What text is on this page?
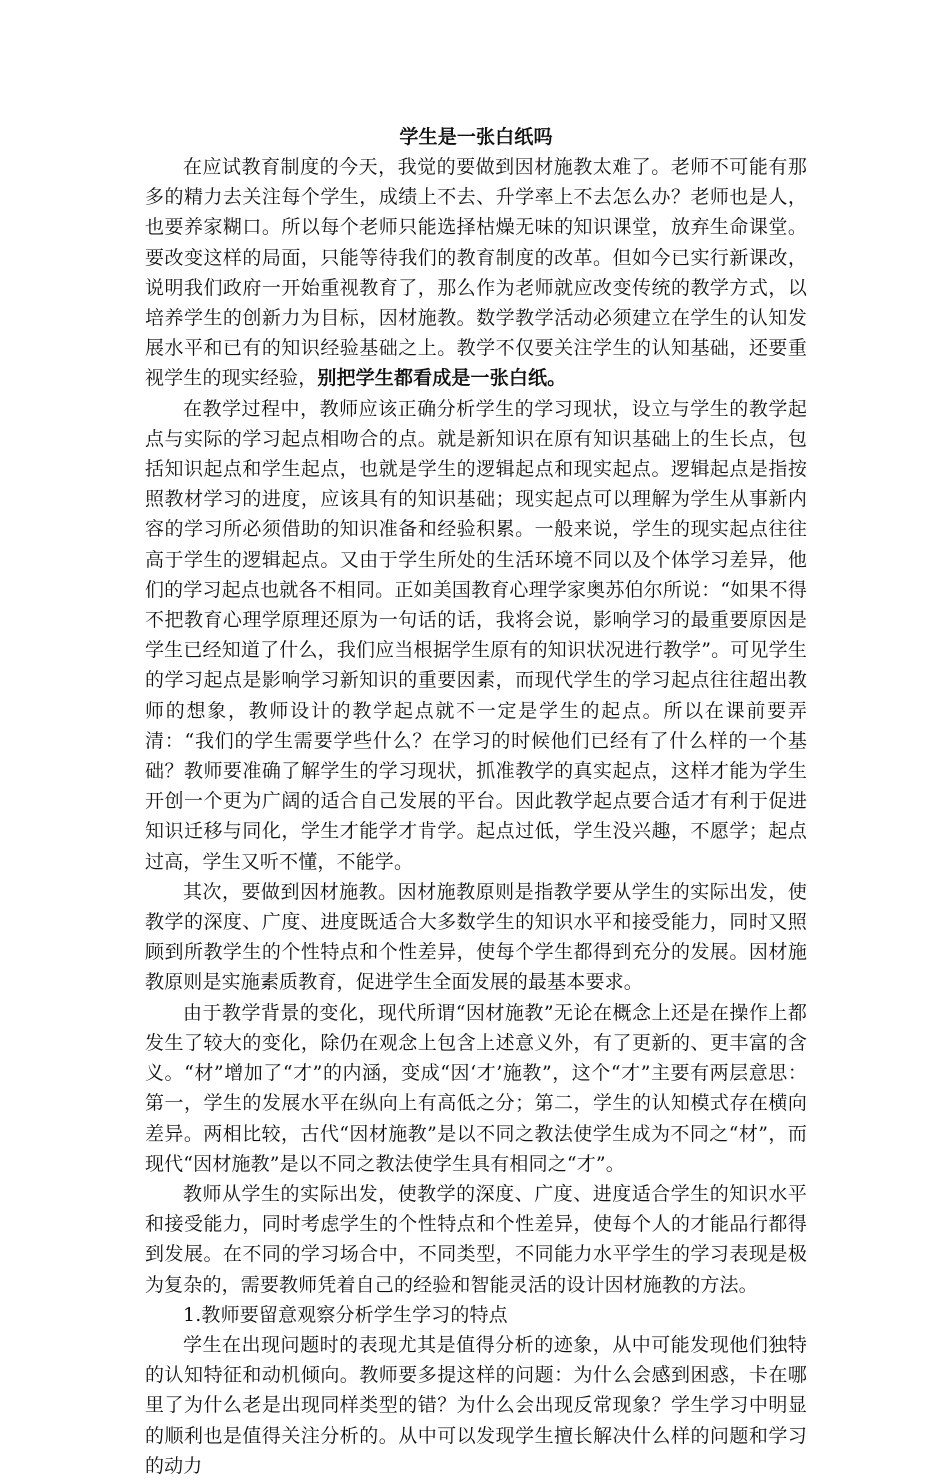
学生是一张白纸吗

在应试教育制度的今天，我觉的要做到因材施教太难了。老师不可能有那多的精力去关注每个学生，成绩上不去、升学率上不去怎么办？老师也是人，也要养家糊口。所以每个老师只能选择枯燥无味的知识课堂，放弃生命课堂。要改变这样的局面，只能等待我们的教育制度的改革。但如今已实行新课改，说明我们政府一开始重视教育了，那么作为老师就应改变传统的教学方式，以培养学生的创新力为目标，因材施教。数学教学活动必须建立在学生的认知发展水平和已有的知识经验基础之上。教学不仅要关注学生的认知基础，还要重视学生的现实经验，别把学生都看成是一张白纸。

在教学过程中，教师应该正确分析学生的学习现状，设立与学生的教学起点与实际的学习起点相吻合的点。就是新知识在原有知识基础上的生长点，包括知识起点和学生起点，也就是学生的逻辑起点和现实起点。逻辑起点是指按照教材学习的进度，应该具有的知识基础；现实起点可以理解为学生从事新内容的学习所必须借助的知识准备和经验积累。一般来说，学生的现实起点往往高于学生的逻辑起点。又由于学生所处的生活环境不同以及个体学习差异，他们的学习起点也就各不相同。正如美国教育心理学家奥苏伯尔所说：“如果不得不把教育心理学原理还原为一句话的话，我将会说，影响学习的最重要原因是学生已经知道了什么，我们应当根据学生原有的知识状况进行教学”。可见学生的学习起点是影响学习新知识的重要因素，而现代学生的学习起点往往超出教师的想象，教师设计的教学起点就不一定是学生的起点。所以在课前要弄清：“我们的学生需要学些什么？在学习的时候他们已经有了什么样的一个基础？教师要准确了解学生的学习现状，抓准教学的真实起点，这样才能为学生开创一个更为广阔的适合自己发展的平台。因此教学起点要合适才有利于促进知识迁移与同化，学生才能学才肯学。起点过低，学生没兴趣，不愿学；起点过高，学生又听不懂，不能学。

其次，要做到因材施教。因材施教原则是指教学要从学生的实际出发，使教学的深度、广度、进度既适合大多数学生的知识水平和接受能力，同时又照顾到所教学生的个性特点和个性差异，使每个学生都得到充分的发展。因材施教原则是实施素质教育，促进学生全面发展的最基本要求。

由于教学背景的变化，现代所谓“因材施教”无论在概念上还是在操作上都发生了较大的变化，除仍在观念上包含上述意义外，有了更新的、更丰富的含义。“材”增加了“才”的内涵，变成“因‘才’施教”，这个“才”主要有两层意思：第一，学生的发展水平在纵向上有高低之分；第二，学生的认知模式存在横向差异。两相比较，古代“因材施教”是以不同之教法使学生成为不同之“材”，而现代“因材施教”是以不同之教法使学生具有相同之“才”。

教师从学生的实际出发，使教学的深度、广度、进度适合学生的知识水平和接受能力，同时考虑学生的个性特点和个性差异，使每个人的才能品行都得到发展。在不同的学习场合中，不同类型，不同能力水平学生的学习表现是极为复杂的，需要教师凭着自己的经验和智能灵活的设计因材施教的方法。

1.教师要留意观察分析学生学习的特点

学生在出现问题时的表现尤其是值得分析的迹象，从中可能发现他们独特的认知特征和动机倾向。教师要多提这样的问题：为什么会感到困惑，卡在哪里了为什么老是出现同样类型的错？为什么会出现反常现象？学生学习中明显的顺利也是值得关注分析的。从中可以发现学生擅长解决什么样的问题和学习的动力
